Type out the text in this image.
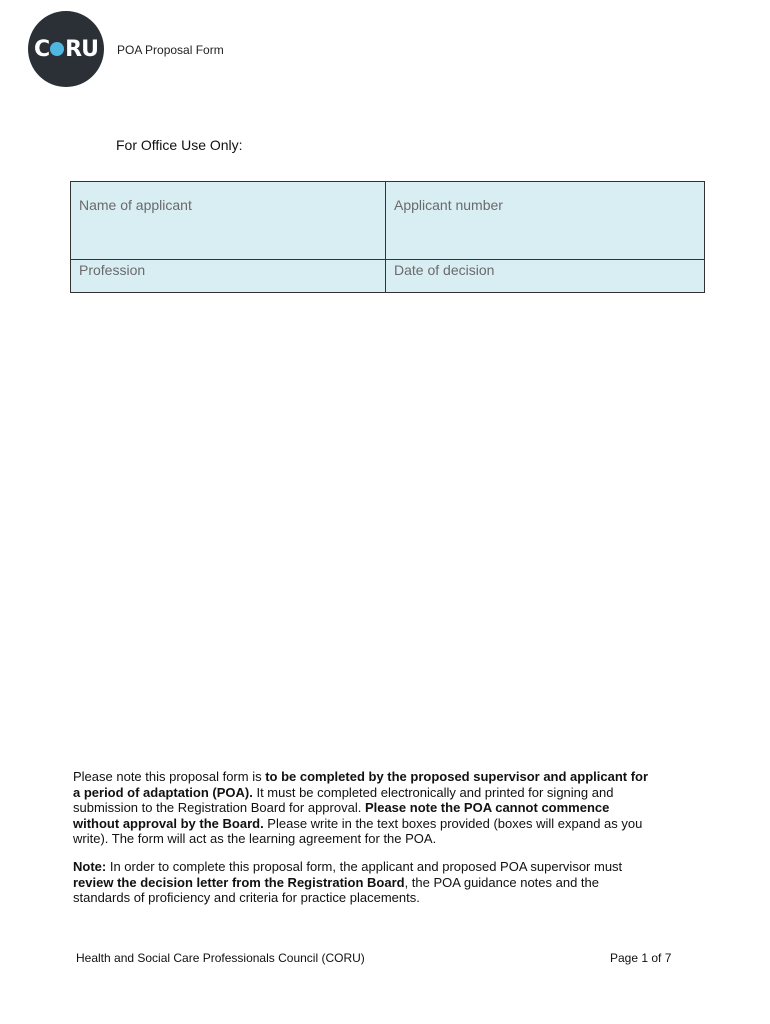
C RU POA Proposal Form
For Office Use Only:
Name of applicant	Applicant number
Profession	Date of decision

Please note this proposal form is to be completed by the proposed supervisor and applicant for a period of adaptation (POA). It must be completed electronically and printed for signing and submission to the Registration Board for approval. Please note the POA cannot commence without approval by the Board. Please write in the text boxes provided (boxes will expand as you write). The form will act as the learning agreement for the POA.

Note: In order to complete this proposal form, the applicant and proposed POA supervisor must review the decision letter from the Registration Board, the POA guidance notes and the standards of proficiency and criteria for practice placements.

Health and Social Care Professionals Council (CORU)	Page 1 of 7
